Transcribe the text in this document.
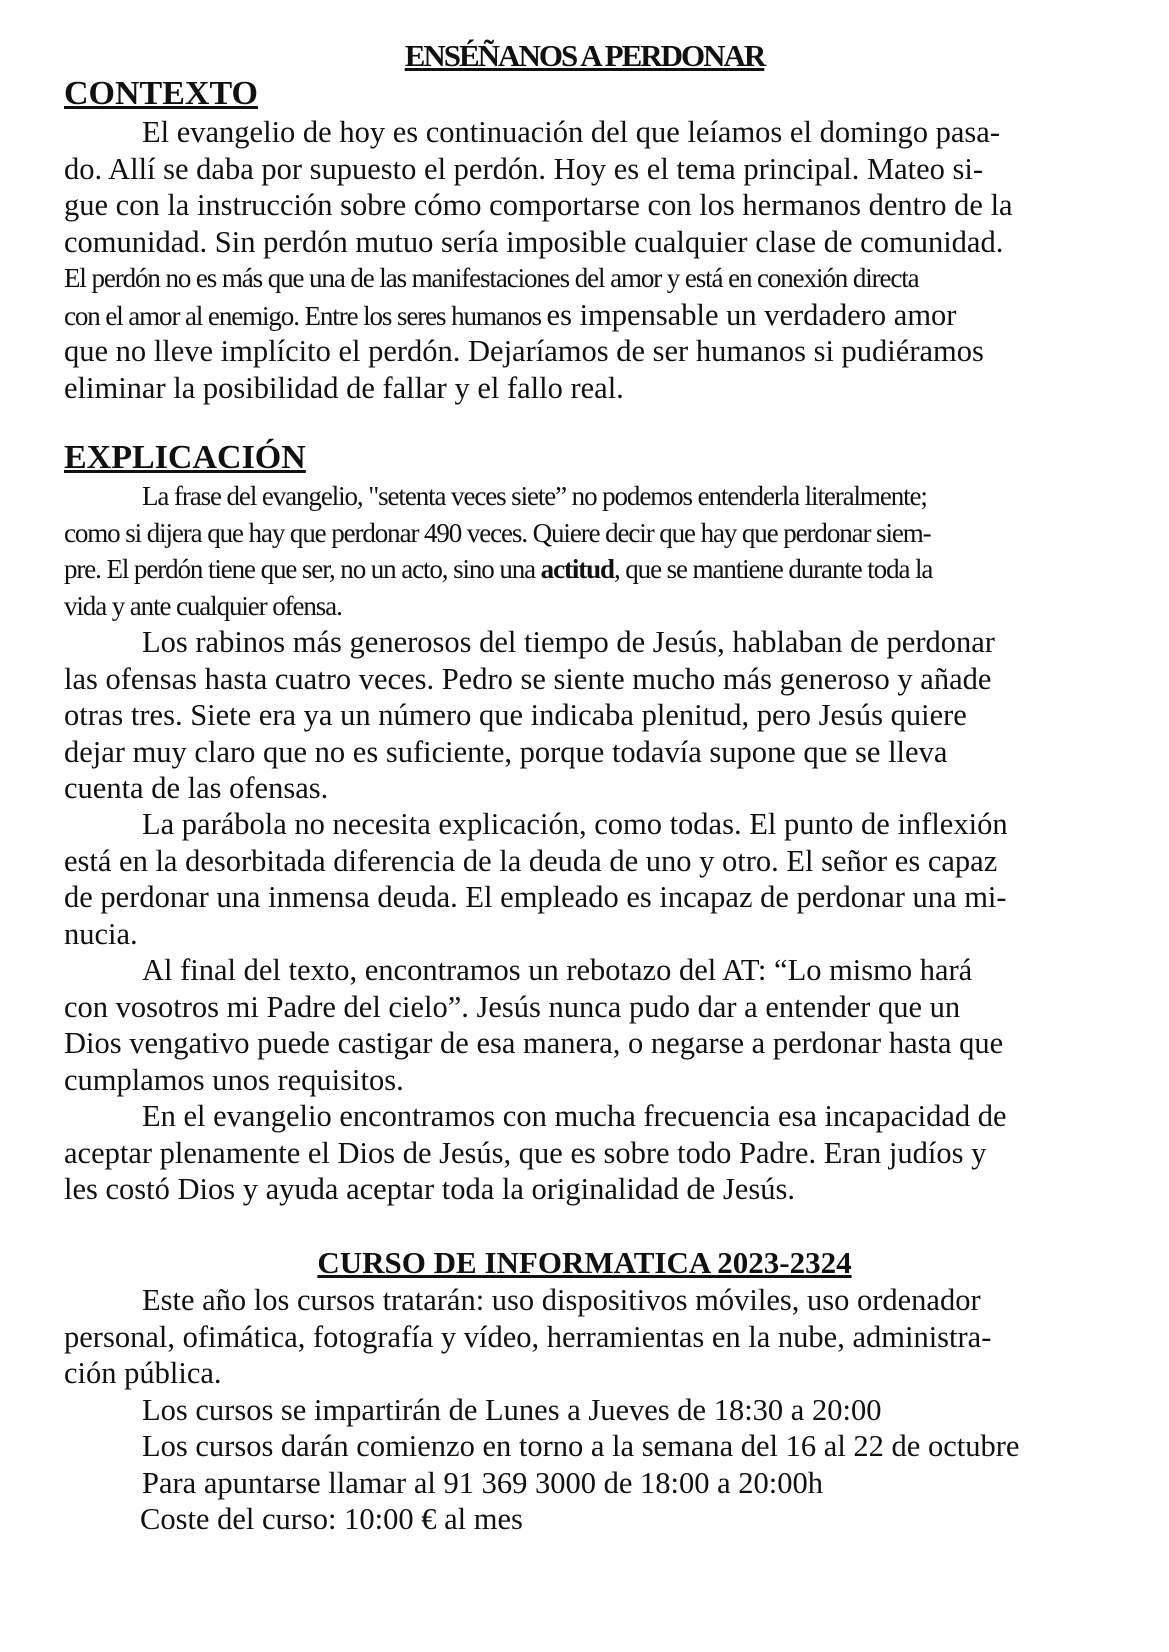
ENSÉÑANOS A PERDONAR
CONTEXTO
El evangelio de hoy es continuación del que leíamos el domingo pasa-
do. Allí se daba por supuesto el perdón. Hoy es el tema principal. Mateo si-
gue con la instrucción sobre cómo comportarse con los hermanos dentro de la
comunidad. Sin perdón mutuo sería imposible cualquier clase de comunidad.
El perdón no es más que una de las manifestaciones del amor y está en conexión directa
con el amor al enemigo. Entre los seres humanos es impensable un verdadero amor
que no lleve implícito el perdón. Dejaríamos de ser humanos si pudiéramos
eliminar la posibilidad de fallar y el fallo real.
EXPLICACIÓN
La frase del evangelio, "setenta veces siete” no podemos entenderla literalmente;
como si dijera que hay que perdonar 490 veces. Quiere decir que hay que perdonar siem-
pre. El perdón tiene que ser, no un acto, sino una actitud, que se mantiene durante toda la
vida y ante cualquier ofensa.
Los rabinos más generosos del tiempo de Jesús, hablaban de perdonar
las ofensas hasta cuatro veces. Pedro se siente mucho más generoso y añade
otras tres. Siete era ya un número que indicaba plenitud, pero Jesús quiere
dejar muy claro que no es suficiente, porque todavía supone que se lleva
cuenta de las ofensas.
La parábola no necesita explicación, como todas. El punto de inflexión
está en la desorbitada diferencia de la deuda de uno y otro. El señor es capaz
de perdonar una inmensa deuda. El empleado es incapaz de perdonar una mi-
nucia.
Al final del texto, encontramos un rebotazo del AT: “Lo mismo hará
con vosotros mi Padre del cielo”. Jesús nunca pudo dar a entender que un
Dios vengativo puede castigar de esa manera, o negarse a perdonar hasta que
cumplamos unos requisitos.
En el evangelio encontramos con mucha frecuencia esa incapacidad de
aceptar plenamente el Dios de Jesús, que es sobre todo Padre. Eran judíos y
les costó Dios y ayuda aceptar toda la originalidad de Jesús.
CURSO DE INFORMATICA 2023-2324
Este año los cursos tratarán: uso dispositivos móviles, uso ordenador
personal, ofimática, fotografía y vídeo, herramientas en la nube, administra-
ción pública.
Los cursos se impartirán de Lunes a Jueves de 18:30 a 20:00
Los cursos darán comienzo en torno a la semana del 16 al 22 de octubre
Para apuntarse llamar al 91 369 3000 de 18:00 a 20:00h
Coste del curso: 10:00 € al mes
